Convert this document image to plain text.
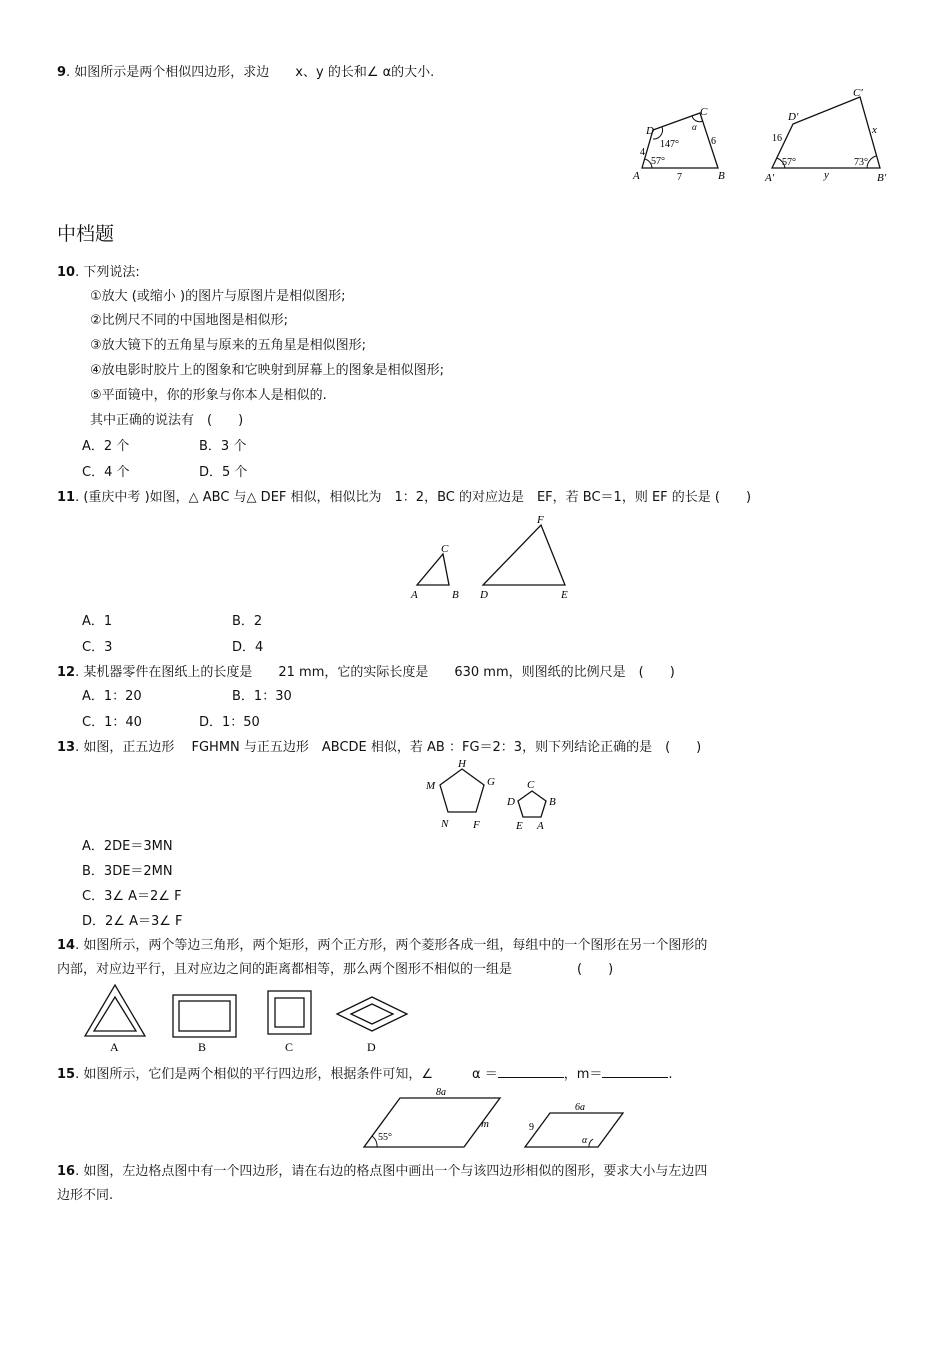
9. 如图所示是两个相似四边形，求边　　x、y 的长和∠ α的大小.
A	B
C
D
147°
57°
α
4
7
6
A′	B′
C′
D′
16
x
y
57°	73°
中档题
10. 下列说法:
①放大 (或缩小 )的图片与原图片是相似图形;
②比例尺不同的中国地图是相似形;
③放大镜下的五角星与原来的五角星是相似图形;
④放电影时胶片上的图象和它映射到屏幕上的图象是相似图形;
⑤平面镜中，你的形象与你本人是相似的.
其中正确的说法有　(　　)
A．2 个	B．3 个
C．4 个	D．5 个
11. (重庆中考 )如图，△ ABC 与△ DEF 相似，相似比为　1：2，BC 的对应边是　EF，若 BC＝1，则 EF 的长是 (　　)
A	B
C
D	E
F
A．1	B．2
C．3	D．4
12. 某机器零件在图纸上的长度是　　21 mm，它的实际长度是　　630 mm，则图纸的比例尺是　(　　)
A．1：20	B．1：30
C．1：40	D．1：50
13. 如图，正五边形　 FGHMN 与正五边形　ABCDE 相似，若 AB ：FG＝2：3，则下列结论正确的是　(　　)
H
G
M
N F
C
D	B
E A
A．2DE＝3MN
B．3DE＝2MN
C．3∠ A＝2∠ F
D．2∠ A＝3∠ F
14. 如图所示，两个等边三角形，两个矩形，两个正方形，两个菱形各成一组，每组中的一个图形在另一个图形的
内部，对应边平行，且对应边之间的距离都相等，那么两个图形不相似的一组是　　　　　(　　)
A	B	C	D
15. 如图所示，它们是两个相似的平行四边形，根据条件可知，∠　　　α ＝	，m＝	.
8a
55°
m
6a
9
α
16. 如图，左边格点图中有一个四边形，请在右边的格点图中画出一个与该四边形相似的图形，要求大小与左边四
边形不同.
